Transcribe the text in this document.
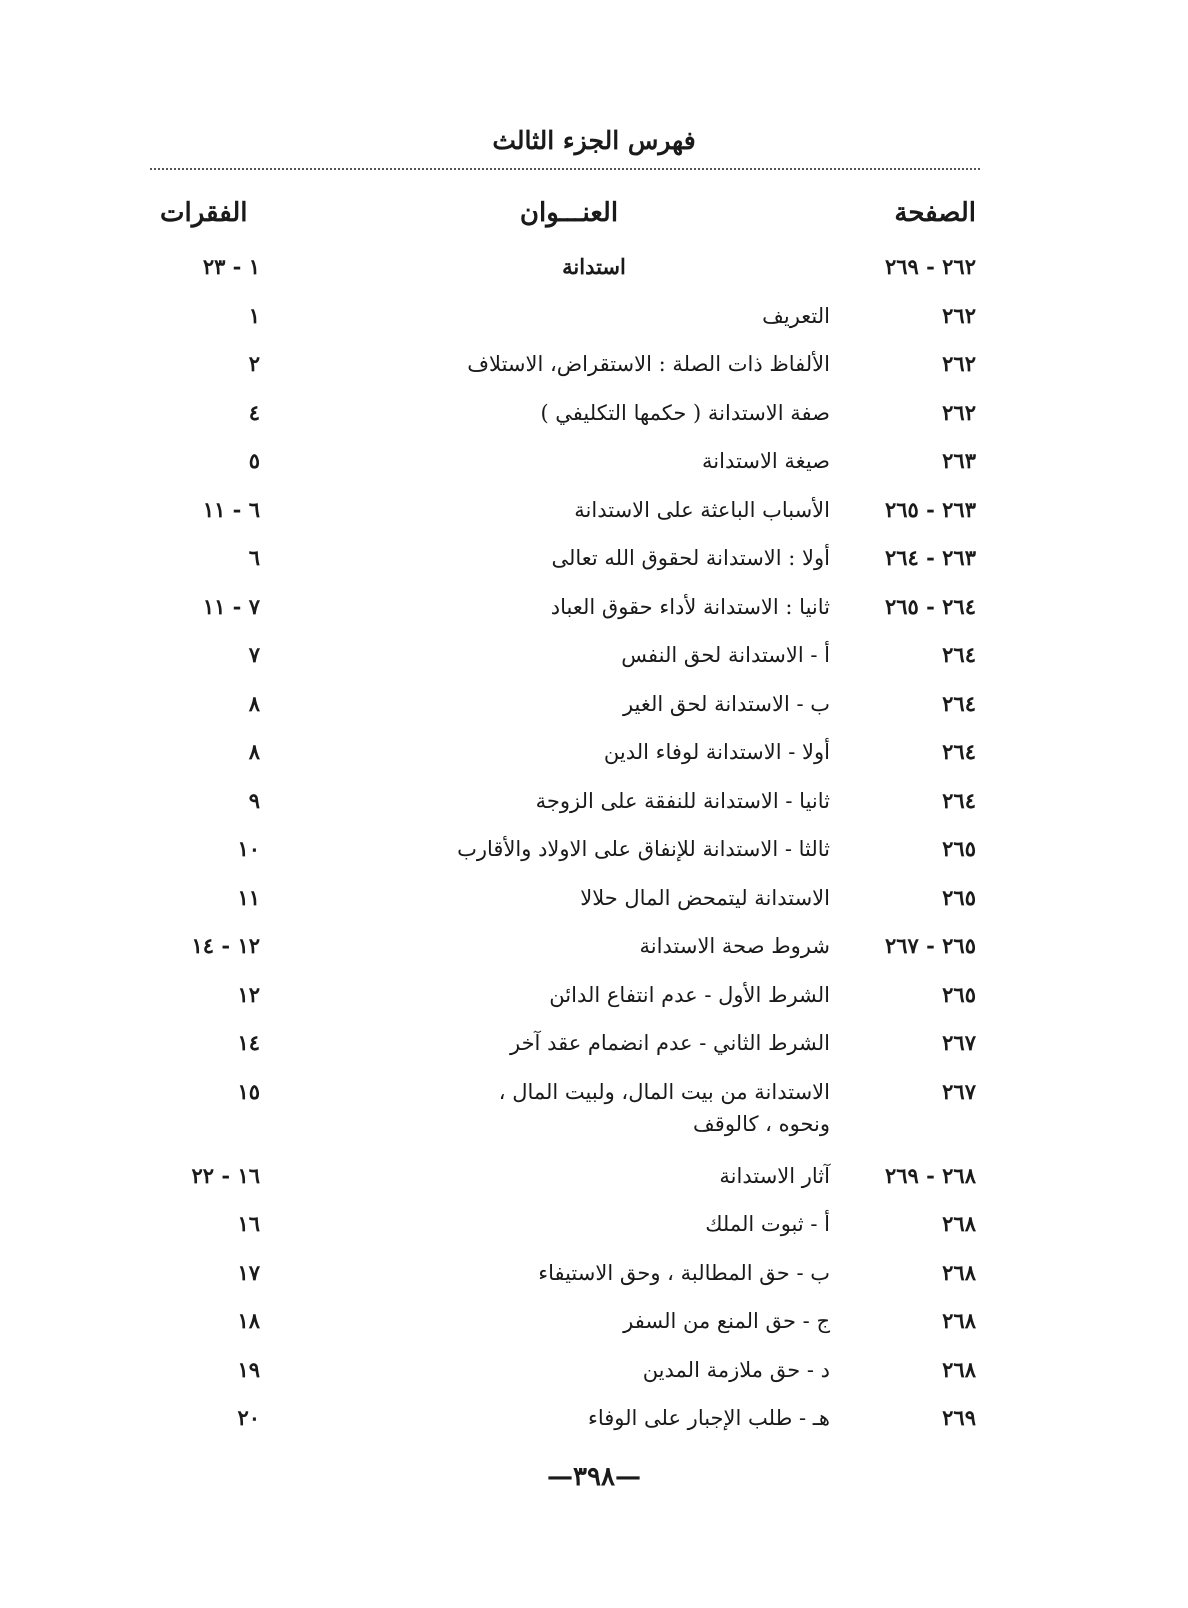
فهرس الجزء الثالث
الصفحة
العنـــوان
الفقرات
٢٦٢ - ٢٦٩
استدانة
١ - ٢٣
٢٦٢
التعريف
١
٢٦٢
الألفاظ ذات الصلة : الاستقراض، الاستلاف
٢
٢٦٢
صفة الاستدانة ( حكمها التكليفي )
٤
٢٦٣
صيغة الاستدانة
٥
٢٦٣ - ٢٦٥
الأسباب الباعثة على الاستدانة
٦ - ١١
٢٦٣ - ٢٦٤
أولا : الاستدانة لحقوق الله تعالى
٦
٢٦٤ - ٢٦٥
ثانيا : الاستدانة لأداء حقوق العباد
٧ - ١١
٢٦٤
أ - الاستدانة لحق النفس
٧
٢٦٤
ب - الاستدانة لحق الغير
٨
٢٦٤
أولا - الاستدانة لوفاء الدين
٨
٢٦٤
ثانيا - الاستدانة للنفقة على الزوجة
٩
٢٦٥
ثالثا - الاستدانة للإنفاق على الاولاد والأقارب
١٠
٢٦٥
الاستدانة ليتمحض المال حلالا
١١
٢٦٥ - ٢٦٧
شروط صحة الاستدانة
١٢ - ١٤
٢٦٥
الشرط الأول - عدم انتفاع الدائن
١٢
٢٦٧
الشرط الثاني - عدم انضمام عقد آخر
١٤
٢٦٧
الاستدانة من بيت المال، ولبيت المال ،
١٥
ونحوه ، كالوقف
٢٦٨ - ٢٦٩
آثار الاستدانة
١٦ - ٢٢
٢٦٨
أ - ثبوت الملك
١٦
٢٦٨
ب - حق المطالبة ، وحق الاستيفاء
١٧
٢٦٨
ج - حق المنع من السفر
١٨
٢٦٨
د - حق ملازمة المدين
١٩
٢٦٩
هـ - طلب الإجبار على الوفاء
٢٠
—٣٩٨—
